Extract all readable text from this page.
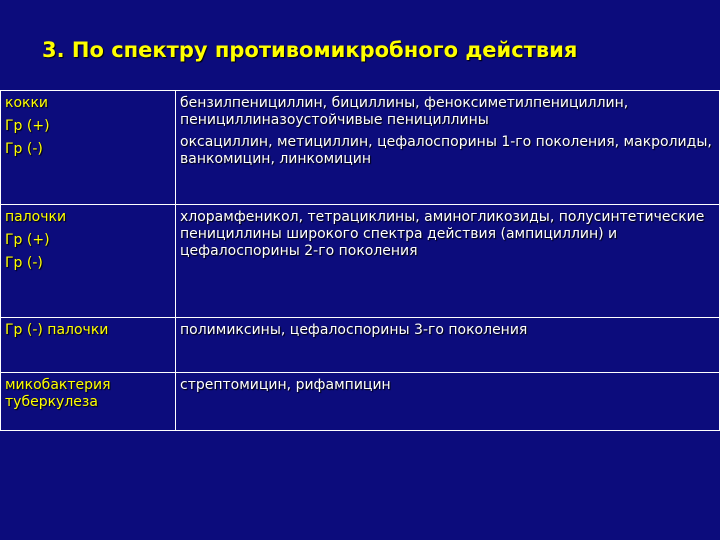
3. По спектру противомикробного действия
кокки
Гр (+)
Гр (-)	бензилпенициллин, бициллины, феноксиметилпенициллин, пенициллиназоустойчивые пенициллины
оксациллин, метициллин, цефалоспорины 1-го поколения, макролиды, ванкомицин, линкомицин

палочки
Гр (+)
Гр (-)	хлорамфеникол, тетрациклины, аминогликозиды, полусинтетические пенициллины широкого спектра действия (ампициллин) и цефалоспорины 2-го поколения

Гр (-) палочки	полимиксины, цефалоспорины 3-го поколения

микобактерия туберкулеза	стрептомицин, рифампицин
